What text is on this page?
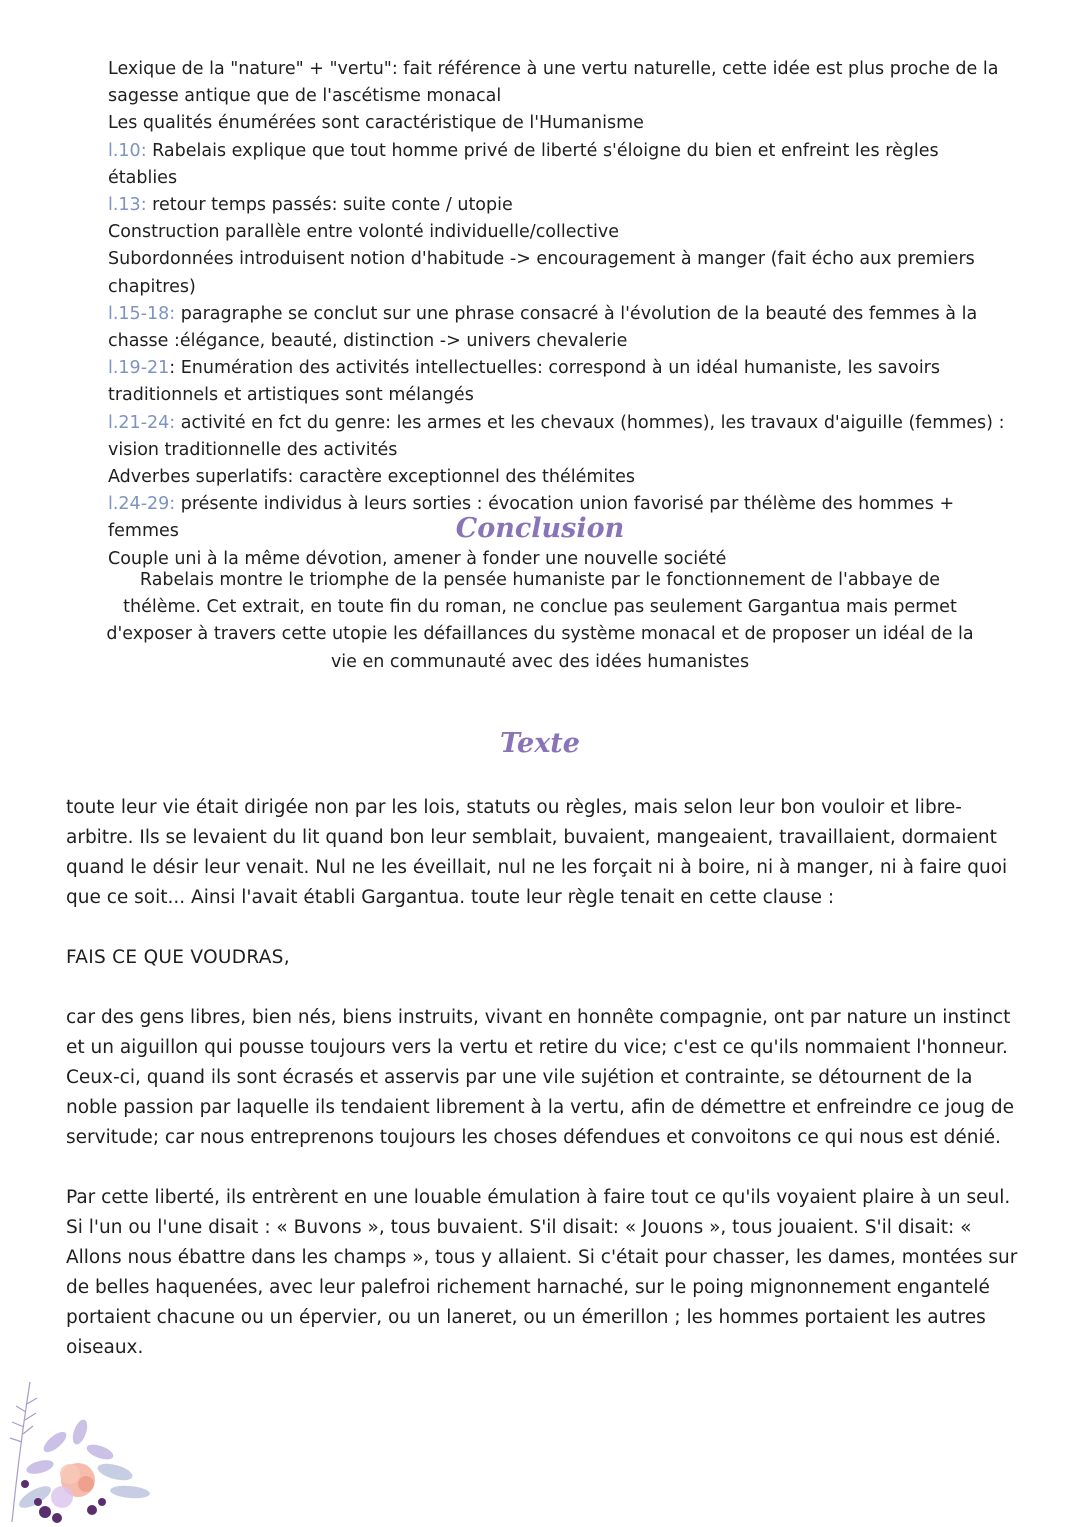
Lexique de la "nature" + "vertu": fait référence à une vertu naturelle, cette idée est plus proche de la sagesse antique que de l'ascétisme monacal

Les qualités énumérées sont caractéristique de l'Humanisme

l.10: Rabelais explique que tout homme privé de liberté s'éloigne du bien et enfreint les règles établies

l.13: retour temps passés: suite conte / utopie

Construction parallèle entre volonté individuelle/collective

Subordonnées introduisent notion d'habitude -> encouragement à manger (fait écho aux premiers chapitres)

l.15-18: paragraphe se conclut sur une phrase consacré à l'évolution de la beauté des femmes à la chasse :élégance, beauté, distinction -> univers chevalerie

l.19-21: Enumération des activités intellectuelles: correspond à un idéal humaniste, les savoirs traditionnels et artistiques sont mélangés

l.21-24: activité en fct du genre: les armes et les chevaux (hommes), les travaux d'aiguille (femmes) : vision traditionnelle des activités

Adverbes superlatifs: caractère exceptionnel des thélémites

l.24-29: présente individus à leurs sorties : évocation union favorisé par thélème des hommes + femmes

Couple uni à la même dévotion, amener à fonder une nouvelle société

Conclusion

Rabelais montre le triomphe de la pensée humaniste par le fonctionnement de l'abbaye de thélème. Cet extrait, en toute fin du roman, ne conclue pas seulement Gargantua mais permet d'exposer à travers cette utopie les défaillances du système monacal et de proposer un idéal de la vie en communauté avec des idées humanistes

Texte

toute leur vie était dirigée non par les lois, statuts ou règles, mais selon leur bon vouloir et libre-arbitre. Ils se levaient du lit quand bon leur semblait, buvaient, mangeaient, travaillaient, dormaient quand le désir leur venait. Nul ne les éveillait, nul ne les forçait ni à boire, ni à manger, ni à faire quoi que ce soit... Ainsi l'avait établi Gargantua. toute leur règle tenait en cette clause :

FAIS CE QUE VOUDRAS,

car des gens libres, bien nés, biens instruits, vivant en honnête compagnie, ont par nature un instinct et un aiguillon qui pousse toujours vers la vertu et retire du vice; c'est ce qu'ils nommaient l'honneur. Ceux-ci, quand ils sont écrasés et asservis par une vile sujétion et contrainte, se détournent de la noble passion par laquelle ils tendaient librement à la vertu, afin de démettre et enfreindre ce joug de servitude; car nous entreprenons toujours les choses défendues et convoitons ce qui nous est dénié.

Par cette liberté, ils entrèrent en une louable émulation à faire tout ce qu'ils voyaient plaire à un seul. Si l'un ou l'une disait : « Buvons », tous buvaient. S'il disait: « Jouons », tous jouaient. S'il disait: « Allons nous ébattre dans les champs », tous y allaient. Si c'était pour chasser, les dames, montées sur de belles haquenées, avec leur palefroi richement harnaché, sur le poing mignonnement engantelé portaient chacune ou un épervier, ou un laneret, ou un émerillon ; les hommes portaient les autres oiseaux.
